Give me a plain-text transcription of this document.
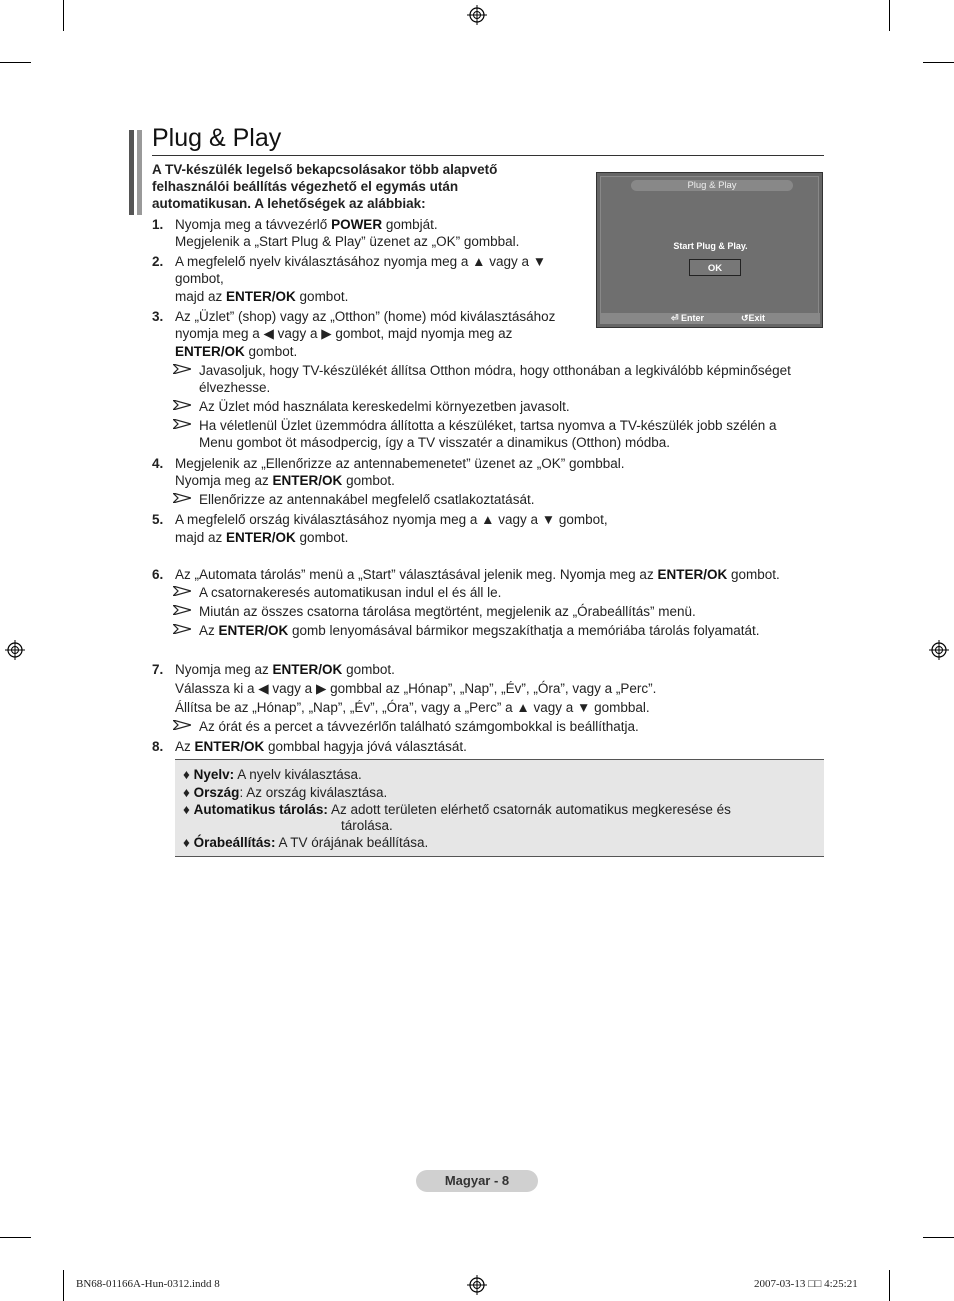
Plug & Play
A TV-készülék legelső bekapcsolásakor több alapvető felhasználói beállítás végezhető el egymás után automatikusan. A lehetőségek az alábbiak:
Plug & Play
Start Plug & Play.
OK
⏎ Enter	↺Exit
1. Nyomja meg a távvezérlő POWER gombját.
Megjelenik a „Start Plug & Play” üzenet az „OK” gombbal.
2. A megfelelő nyelv kiválasztásához nyomja meg a ▲ vagy a ▼
gombot,
majd az ENTER/OK gombot.
3. Az „Üzlet” (shop) vagy az „Otthon” (home) mód kiválasztásához
nyomja meg a ◀ vagy a ▶ gombot, majd nyomja meg az
ENTER/OK gombot.
Javasoljuk, hogy TV-készülékét állítsa Otthon módra, hogy otthonában a legkiválóbb képminőséget
élvezhesse.
Az Üzlet mód használata kereskedelmi környezetben javasolt.
Ha véletlenül Üzlet üzemmódra állította a készüléket, tartsa nyomva a TV-készülék jobb szélén a
Menu gombot öt másodpercig, így a TV visszatér a dinamikus (Otthon) módba.
4. Megjelenik az „Ellenőrizze az antennabemenetet” üzenet az „OK” gombbal.
Nyomja meg az ENTER/OK gombot.
Ellenőrizze az antennakábel megfelelő csatlakoztatását.
5. A megfelelő ország kiválasztásához nyomja meg a ▲ vagy a ▼ gombot,
majd az ENTER/OK gombot.
6. Az „Automata tárolás” menü a „Start” választásával jelenik meg. Nyomja meg az ENTER/OK gombot.
A csatornakeresés automatikusan indul el és áll le.
Miután az összes csatorna tárolása megtörtént, megjelenik az „Órabeállítás” menü.
Az ENTER/OK gomb lenyomásával bármikor megszakíthatja a memóriába tárolás folyamatát.
7. Nyomja meg az ENTER/OK gombot.
Válassza ki a ◀ vagy a ▶ gombbal az „Hónap”, „Nap”, „Év”, „Óra”, vagy a „Perc”.
Állítsa be az „Hónap”, „Nap”, „Év”, „Óra”, vagy a „Perc” a ▲ vagy a ▼ gombbal.
Az órát és a percet a távvezérlőn található számgombokkal is beállíthatja.
8. Az ENTER/OK gombbal hagyja jóvá választását.
♦ Nyelv: A nyelv kiválasztása.
♦ Ország: Az ország kiválasztása.
♦ Automatikus tárolás: Az adott területen elérhető csatornák automatikus megkeresése és
tárolása.
♦ Órabeállítás: A TV órájának beállítása.
Magyar - 8
BN68-01166A-Hun-0312.indd 8	2007-03-13 □□ 4:25:21
